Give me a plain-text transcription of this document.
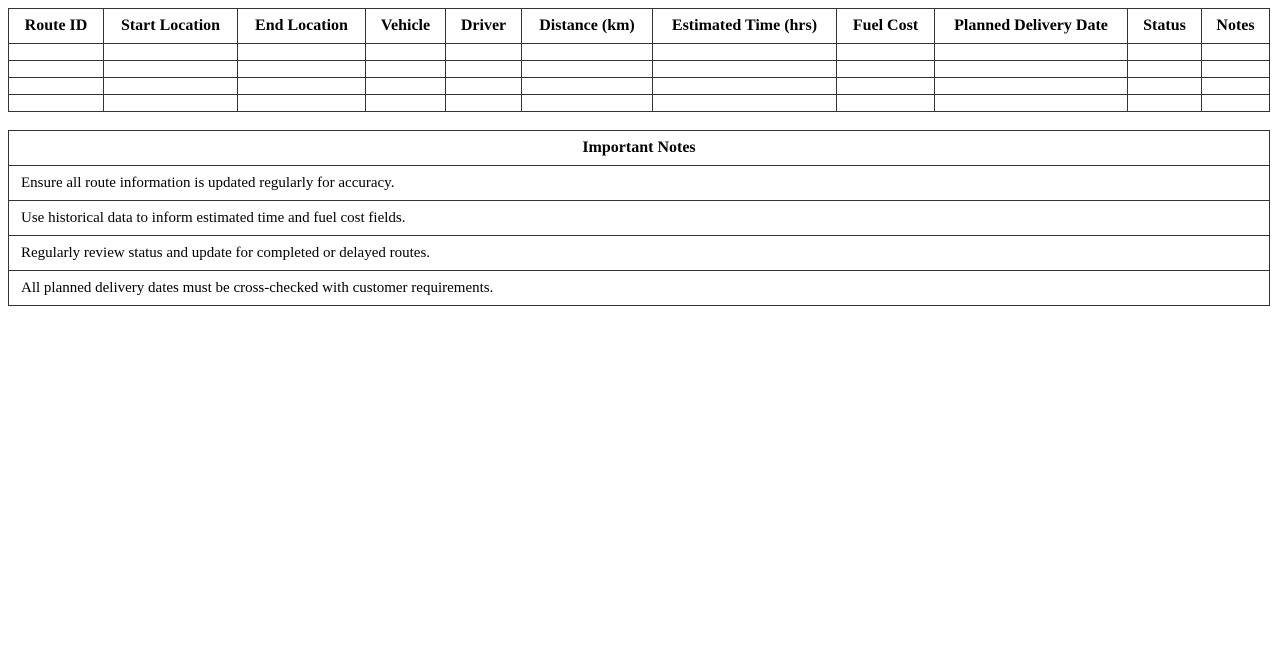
Route ID	Start Location	End Location	Vehicle	Driver	Distance (km)	Estimated Time (hrs)	Fuel Cost	Planned Delivery Date	Status	Notes

Important Notes
Ensure all route information is updated regularly for accuracy.
Use historical data to inform estimated time and fuel cost fields.
Regularly review status and update for completed or delayed routes.
All planned delivery dates must be cross-checked with customer requirements.
